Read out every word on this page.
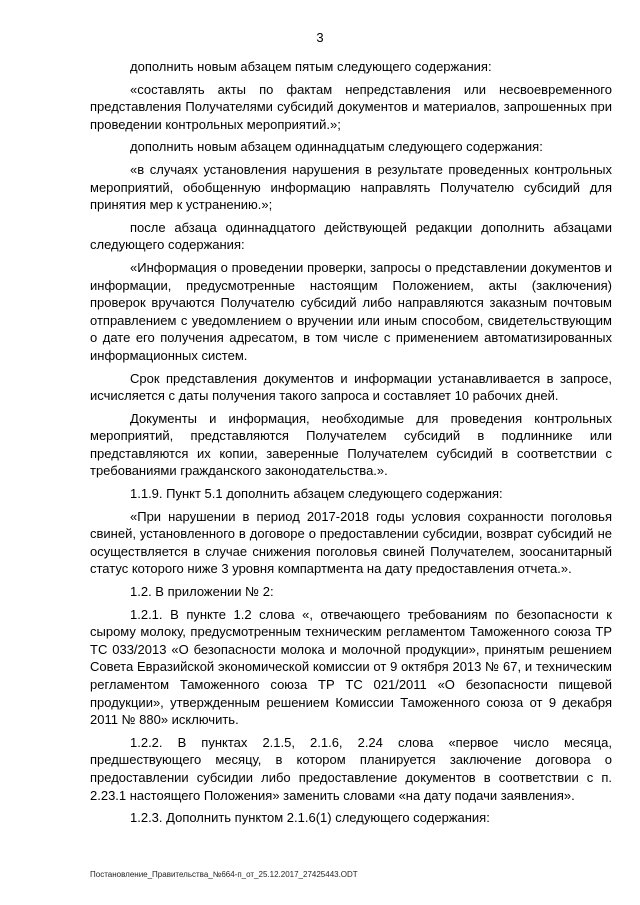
3

дополнить новым абзацем пятым следующего содержания:

«составлять акты по фактам непредставления или несвоевременного представления Получателями субсидий документов и материалов, запрошенных при проведении контрольных мероприятий.»;

дополнить новым абзацем одиннадцатым следующего содержания:

«в случаях установления нарушения в результате проведенных контрольных мероприятий, обобщенную информацию направлять Получателю субсидий для принятия мер к устранению.»;

после абзаца одиннадцатого действующей редакции дополнить абзацами следующего содержания:

«Информация о проведении проверки, запросы о представлении документов и информации, предусмотренные настоящим Положением, акты (заключения) проверок вручаются Получателю субсидий либо направляются заказным почтовым отправлением с уведомлением о вручении или иным способом, свидетельствующим о дате его получения адресатом, в том числе с применением автоматизированных информационных систем.

Срок представления документов и информации устанавливается в запросе, исчисляется с даты получения такого запроса и составляет 10 рабочих дней.

Документы и информация, необходимые для проведения контрольных мероприятий, представляются Получателем субсидий в подлиннике или представляются их копии, заверенные Получателем субсидий в соответствии с требованиями гражданского законодательства.».

1.1.9. Пункт 5.1 дополнить абзацем следующего содержания:

«При нарушении в период 2017-2018 годы условия сохранности поголовья свиней, установленного в договоре о предоставлении субсидии, возврат субсидий не осуществляется в случае снижения поголовья свиней Получателем, зоосанитарный статус которого ниже 3 уровня компартмента на дату предоставления отчета.».

1.2. В приложении № 2:

1.2.1. В пункте 1.2 слова «, отвечающего требованиям по безопасности к сырому молоку, предусмотренным техническим регламентом Таможенного союза ТР ТС 033/2013 «О безопасности молока и молочной продукции», принятым решением Совета Евразийской экономической комиссии от 9 октября 2013 № 67, и техническим регламентом Таможенного союза ТР ТС 021/2011 «О безопасности пищевой продукции», утвержденным решением Комиссии Таможенного союза от 9 декабря 2011 № 880» исключить.

1.2.2. В пунктах 2.1.5, 2.1.6, 2.24 слова «первое число месяца, предшествующего месяцу, в котором планируется заключение договора о предоставлении субсидии либо предоставление документов в соответствии с п. 2.23.1 настоящего Положения» заменить словами «на дату подачи заявления».

1.2.3. Дополнить пунктом 2.1.6(1) следующего содержания:

Постановление_Правительства_№664-п_от_25.12.2017_27425443.ODT
